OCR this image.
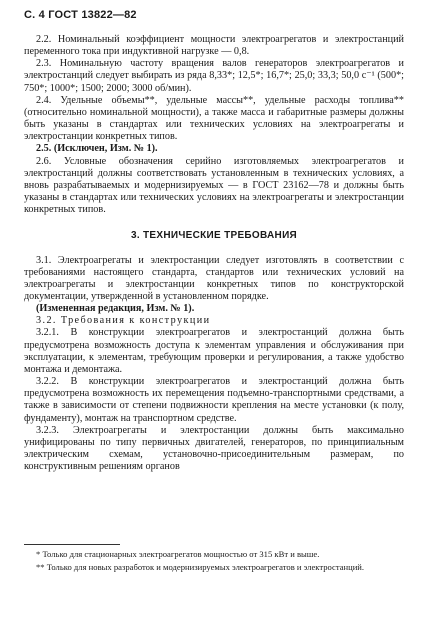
С. 4 ГОСТ 13822—82

2.2. Номинальный коэффициент мощности электроагрегатов и электростанций переменного тока при индуктивной нагрузке — 0,8.

2.3. Номинальную частоту вращения валов генераторов электроагрегатов и электростанций следует выбирать из ряда 8,33*; 12,5*; 16,7*; 25,0; 33,3; 50,0 с⁻¹ (500*; 750*; 1000*; 1500; 2000; 3000 об/мин).

2.4. Удельные объемы**, удельные массы**, удельные расходы топлива** (относительно номинальной мощности), а также масса и габаритные размеры должны быть указаны в стандартах или технических условиях на электроагрегаты и электростанции конкретных типов.

2.5. (Исключен, Изм. № 1).

2.6. Условные обозначения серийно изготовляемых электроагрегатов и электростанций должны соответствовать установленным в технических условиях, а вновь разрабатываемых и модернизируемых — в ГОСТ 23162—78 и должны быть указаны в стандартах или технических условиях на электроагрегаты и электростанции конкретных типов.

3. ТЕХНИЧЕСКИЕ ТРЕБОВАНИЯ

3.1. Электроагрегаты и электростанции следует изготовлять в соответствии с требованиями настоящего стандарта, стандартов или технических условий на электроагрегаты и электростанции конкретных типов по конструкторской документации, утвержденной в установленном порядке.

(Измененная редакция, Изм. № 1).

3.2. Требования к конструкции

3.2.1. В конструкции электроагрегатов и электростанций должна быть предусмотрена возможность доступа к элементам управления и обслуживания при эксплуатации, к элементам, требующим проверки и регулирования, а также удобство монтажа и демонтажа.

3.2.2. В конструкции электроагрегатов и электростанций должна быть предусмотрена возможность их перемещения подъемно-транспортными средствами, а также в зависимости от степени подвижности крепления на месте установки (к полу, фундаменту), монтаж на транспортном средстве.

3.2.3. Электроагрегаты и электростанции должны быть максимально унифицированы по типу первичных двигателей, генераторов, по принципиальным электрическим схемам, установочно-присоединительным размерам, по конструктивным решениям органов

* Только для стационарных электроагрегатов мощностью от 315 кВт и выше.

** Только для новых разработок и модернизируемых электроагрегатов и электростанций.
